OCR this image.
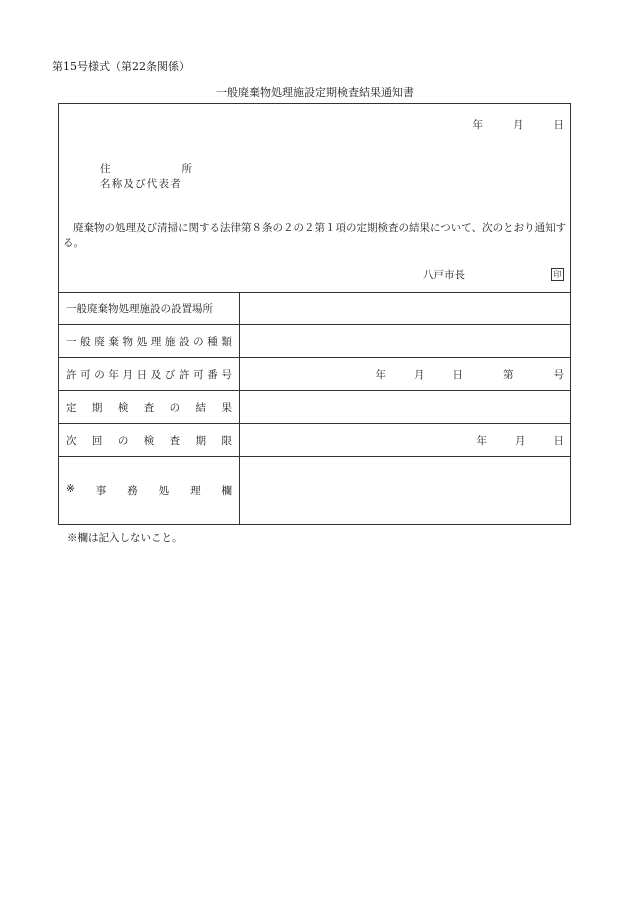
第15号様式（第22条関係）
一般廃棄物処理施設定期検査結果通知書
年	月	日
住	所
名称及び代表者
廃棄物の処理及び清掃に関する法律第８条の２の２第１項の定期検査の結果について、次のとおり通知する。
八戸市長	印
一般廃棄物処理施設の設置場所
一 般 廃 棄 物 処 理 施 設 の 種 類
許 可 の 年 月 日 及 び 許 可 番 号	年	月	日	第	号
定 期 検 査 の 結 果
次 回 の 検 査 期 限	年	月	日
※ 事 務 処 理 欄
※欄は記入しないこと。
